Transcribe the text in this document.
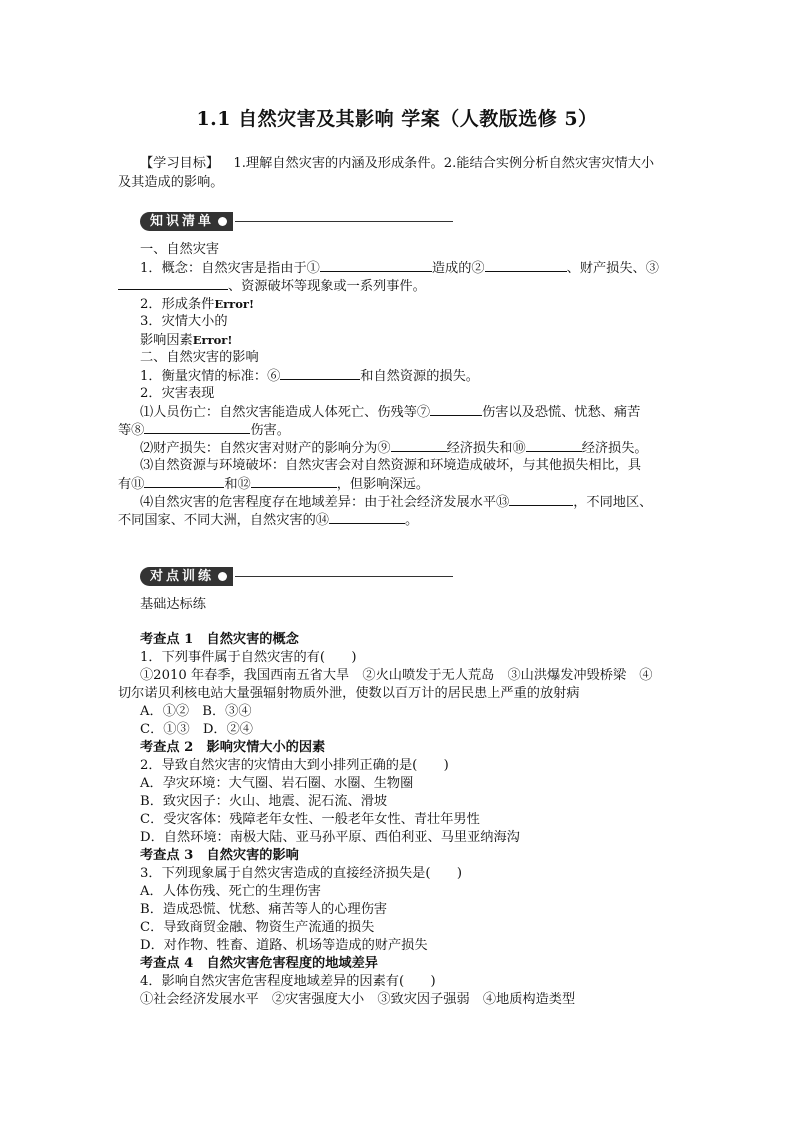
1.1 自然灾害及其影响 学案（人教版选修 5）
【学习目标】 1.理解自然灾害的内涵及形成条件。2.能结合实例分析自然灾害灾情大小
及其造成的影响。
知识清单
一、自然灾害
1．概念：自然灾害是指由于①	造成的②	、财产损失、③
、资源破坏等现象或一系列事件。
2．形成条件Error!
3．灾情大小的
影响因素Error!
二、自然灾害的影响
1．衡量灾情的标准：⑥	和自然资源的损失。
2．灾害表现
⑴人员伤亡：自然灾害能造成人体死亡、伤残等⑦	伤害以及恐慌、忧愁、痛苦
等⑧	伤害。
⑵财产损失：自然灾害对财产的影响分为⑨	经济损失和⑩	经济损失。
⑶自然资源与环境破坏：自然灾害会对自然资源和环境造成破坏，与其他损失相比，具
有⑪	和⑫	，但影响深远。
⑷自然灾害的危害程度存在地域差异：由于社会经济发展水平⑬	，不同地区、
不同国家、不同大洲，自然灾害的⑭	。
对点训练
基础达标练
考查点 1　自然灾害的概念
1．下列事件属于自然灾害的有(　　)
①2010 年春季，我国西南五省大旱　②火山喷发于无人荒岛　③山洪爆发冲毁桥梁　④
切尔诺贝利核电站大量强辐射物质外泄，使数以百万计的居民患上严重的放射病
A．①②　B．③④
C．①③　D．②④
考查点 2　影响灾情大小的因素
2．导致自然灾害的灾情由大到小排列正确的是(　　)
A．孕灾环境：大气圈、岩石圈、水圈、生物圈
B．致灾因子：火山、地震、泥石流、滑坡
C．受灾客体：残障老年女性、一般老年女性、青壮年男性
D．自然环境：南极大陆、亚马孙平原、西伯利亚、马里亚纳海沟
考查点 3　自然灾害的影响
3．下列现象属于自然灾害造成的直接经济损失是(　　)
A．人体伤残、死亡的生理伤害
B．造成恐慌、忧愁、痛苦等人的心理伤害
C．导致商贸金融、物资生产流通的损失
D．对作物、牲畜、道路、机场等造成的财产损失
考查点 4　自然灾害危害程度的地域差异
4．影响自然灾害危害程度地域差异的因素有(　　)
①社会经济发展水平　②灾害强度大小　③致灾因子强弱　④地质构造类型
